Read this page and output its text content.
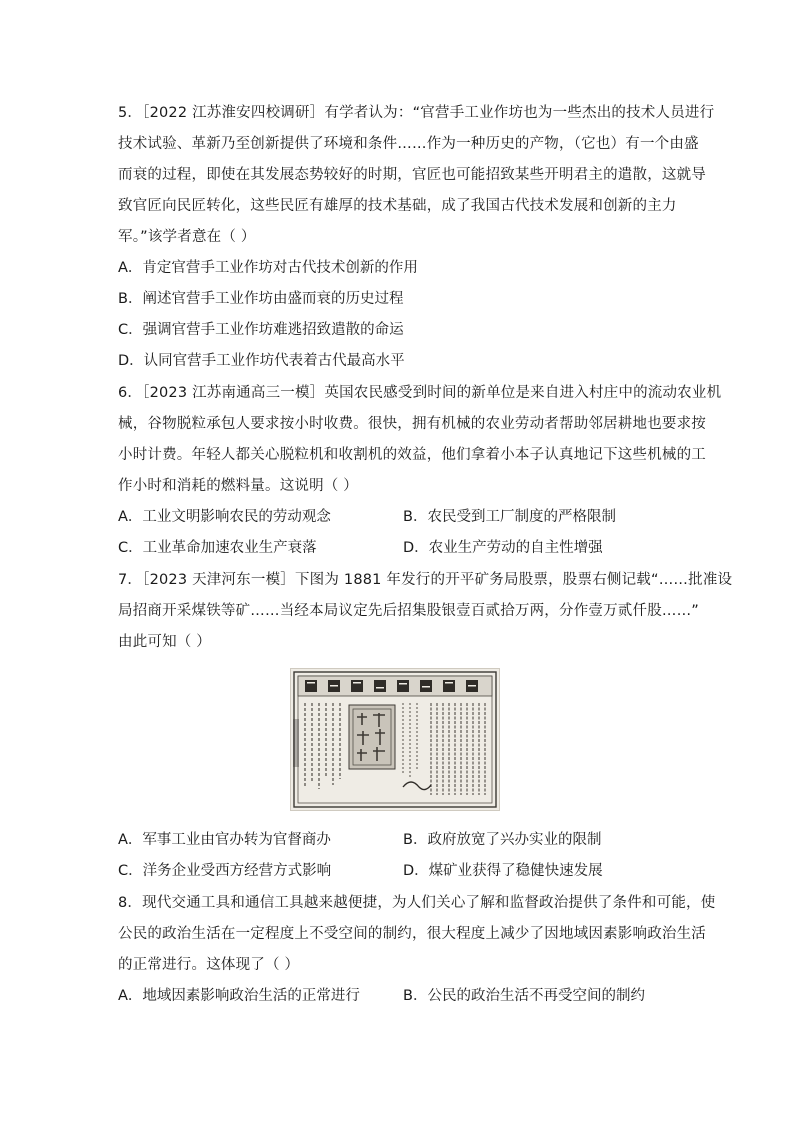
5．［2022 江苏淮安四校调研］有学者认为：“官营手工业作坊也为一些杰出的技术人员进行
技术试验、革新乃至创新提供了环境和条件……作为一种历史的产物，（它也）有一个由盛
而衰的过程，即使在其发展态势较好的时期，官匠也可能招致某些开明君主的遣散，这就导
致官匠向民匠转化，这些民匠有雄厚的技术基础，成了我国古代技术发展和创新的主力
军。”该学者意在（ ）
A．肯定官营手工业作坊对古代技术创新的作用
B．阐述官营手工业作坊由盛而衰的历史过程
C．强调官营手工业作坊难逃招致遣散的命运
D．认同官营手工业作坊代表着古代最高水平
6．［2023 江苏南通高三一模］英国农民感受到时间的新单位是来自进入村庄中的流动农业机
械，谷物脱粒承包人要求按小时收费。很快，拥有机械的农业劳动者帮助邻居耕地也要求按
小时计费。年轻人都关心脱粒机和收割机的效益，他们拿着小本子认真地记下这些机械的工
作小时和消耗的燃料量。这说明（ ）
A．工业文明影响农民的劳动观念	B．农民受到工厂制度的严格限制
C．工业革命加速农业生产衰落	D．农业生产劳动的自主性增强
7．［2023 天津河东一模］下图为 1881 年发行的开平矿务局股票，股票右侧记载“……批准设
局招商开采煤铁等矿……当经本局议定先后招集股银壹百贰拾万两，分作壹万贰仟股……”
由此可知（ ）
A．军事工业由官办转为官督商办	B．政府放宽了兴办实业的限制
C．洋务企业受西方经营方式影响	D．煤矿业获得了稳健快速发展
8．现代交通工具和通信工具越来越便捷，为人们关心了解和监督政治提供了条件和可能，使
公民的政治生活在一定程度上不受空间的制约，很大程度上减少了因地域因素影响政治生活
的正常进行。这体现了（ ）
A．地域因素影响政治生活的正常进行	B．公民的政治生活不再受空间的制约
